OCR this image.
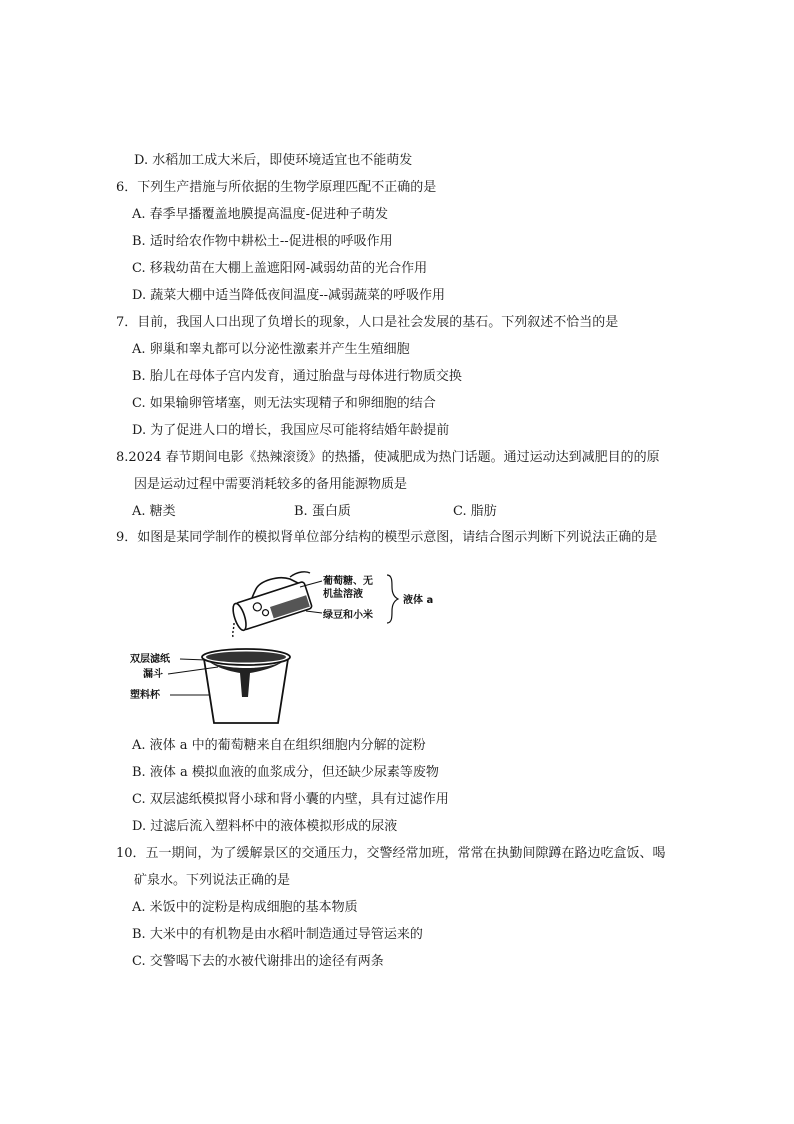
D. 水稻加工成大米后，即使环境适宜也不能萌发
6．下列生产措施与所依据的生物学原理匹配不正确的是
A. 春季早播覆盖地膜提高温度-促进种子萌发
B. 适时给农作物中耕松土--促进根的呼吸作用
C. 移栽幼苗在大棚上盖遮阳网-减弱幼苗的光合作用
D. 蔬菜大棚中适当降低夜间温度--减弱蔬菜的呼吸作用
7．目前，我国人口出现了负增长的现象，人口是社会发展的基石。下列叙述不恰当的是
A. 卵巢和睾丸都可以分泌性激素并产生生殖细胞
B. 胎儿在母体子宫内发育，通过胎盘与母体进行物质交换
C. 如果输卵管堵塞，则无法实现精子和卵细胞的结合
D. 为了促进人口的增长，我国应尽可能将结婚年龄提前
8.2024 春节期间电影《热辣滚烫》的热播，使减肥成为热门话题。通过运动达到减肥目的的原
因是运动过程中需要消耗较多的备用能源物质是
A. 糖类	B. 蛋白质	C. 脂肪
9．如图是某同学制作的模拟肾单位部分结构的模型示意图，请结合图示判断下列说法正确的是
葡萄糖、无
机盐溶液
绿豆和小米
液体 a
双层滤纸
漏斗
塑料杯
A. 液体 a 中的葡萄糖来自在组织细胞内分解的淀粉
B. 液体 a 模拟血液的血浆成分，但还缺少尿素等废物
C. 双层滤纸模拟肾小球和肾小囊的内壁，具有过滤作用
D. 过滤后流入塑料杯中的液体模拟形成的尿液
10．五一期间，为了缓解景区的交通压力，交警经常加班，常常在执勤间隙蹲在路边吃盒饭、喝
矿泉水。下列说法正确的是
A. 米饭中的淀粉是构成细胞的基本物质
B. 大米中的有机物是由水稻叶制造通过导管运来的
C. 交警喝下去的水被代谢排出的途径有两条
